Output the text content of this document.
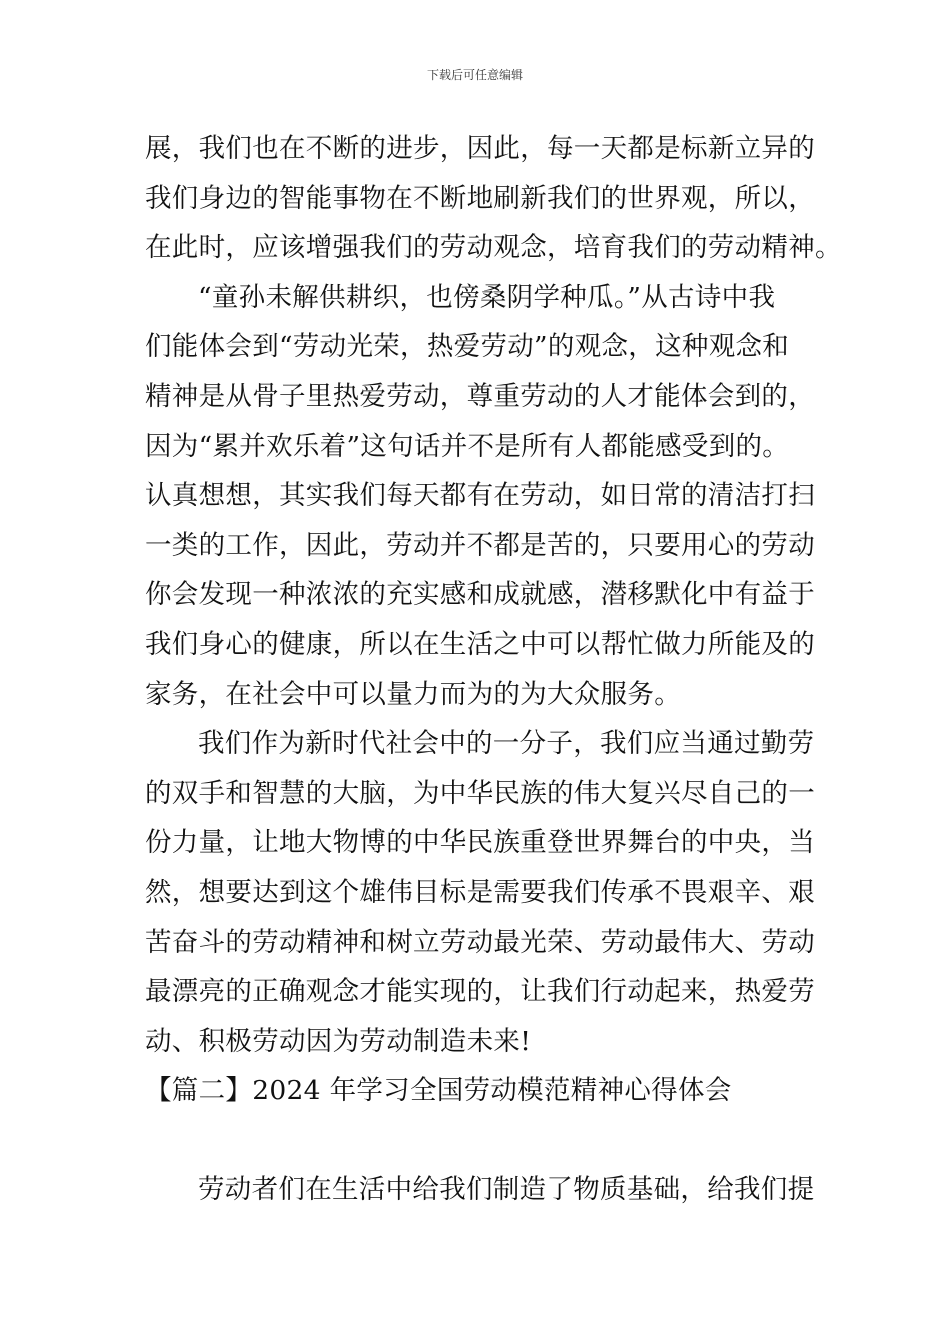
下载后可任意编辑
展，我们也在不断的进步，因此，每一天都是标新立异的
我们身边的智能事物在不断地刷新我们的世界观，所以，
在此时，应该增强我们的劳动观念，培育我们的劳动精神。
“童孙未解供耕织，也傍桑阴学种瓜。”从古诗中我
们能体会到“劳动光荣，热爱劳动”的观念，这种观念和
精神是从骨子里热爱劳动，尊重劳动的人才能体会到的，
因为“累并欢乐着”这句话并不是所有人都能感受到的。
认真想想，其实我们每天都有在劳动，如日常的清洁打扫
一类的工作，因此，劳动并不都是苦的，只要用心的劳动
你会发现一种浓浓的充实感和成就感，潜移默化中有益于
我们身心的健康，所以在生活之中可以帮忙做力所能及的
家务，在社会中可以量力而为的为大众服务。
我们作为新时代社会中的一分子，我们应当通过勤劳
的双手和智慧的大脑，为中华民族的伟大复兴尽自己的一
份力量，让地大物博的中华民族重登世界舞台的中央，当
然，想要达到这个雄伟目标是需要我们传承不畏艰辛、艰
苦奋斗的劳动精神和树立劳动最光荣、劳动最伟大、劳动
最漂亮的正确观念才能实现的，让我们行动起来，热爱劳
动、积极劳动因为劳动制造未来!
【篇二】2024 年学习全国劳动模范精神心得体会
劳动者们在生活中给我们制造了物质基础，给我们提
